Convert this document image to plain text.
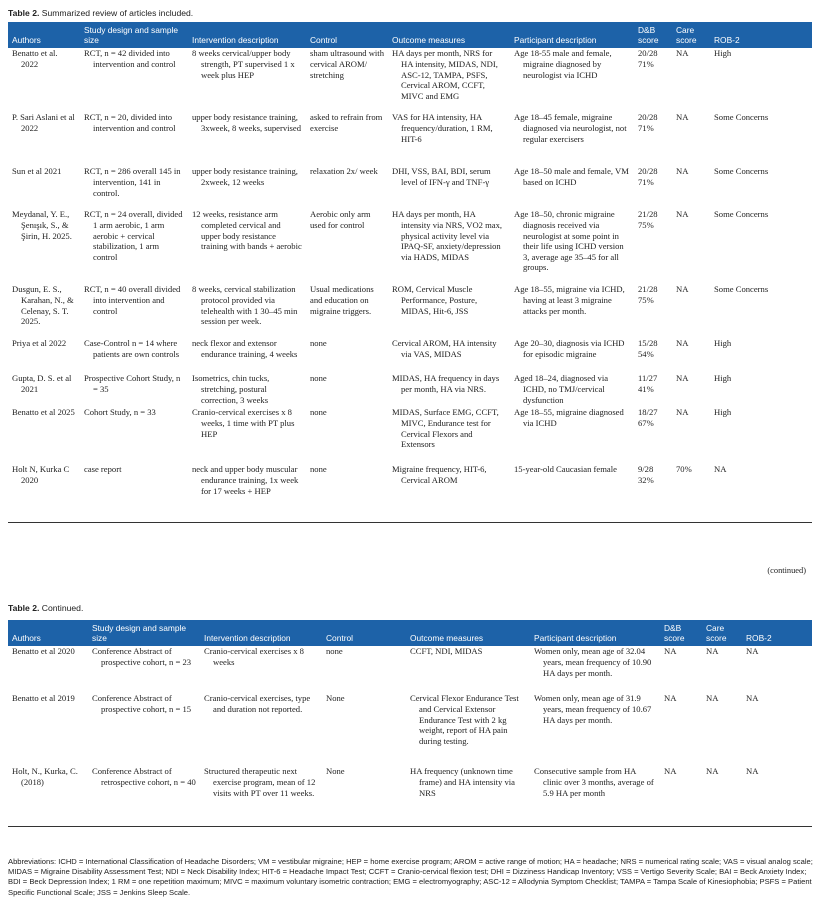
Table 2. Summarized review of articles included.
Authors	Study design and sample size	Intervention description	Control	Outcome measures	Participant description	D&B score	Care score	ROB-2

Benatto et al. 2022	RCT, n = 42 divided into intervention and control	8 weeks cervical/upper body strength, PT supervised 1 x week plus HEP	sham ultrasound with cervical AROM/ stretching	HA days per month, NRS for HA intensity, MIDAS, NDI, ASC-12, TAMPA, PSFS, Cervical AROM, CCFT, MIVC and EMG	Age 18-55 male and female, migraine diagnosed by neurologist via ICHD	20/28 71%	NA	High

P. Sari Aslani et al 2022	RCT, n = 20, divided into intervention and control	upper body resistance training, 3xweek, 8 weeks, supervised	asked to refrain from exercise	VAS for HA intensity, HA frequency/duration, 1 RM, HIT-6	Age 18–45 female, migraine diagnosed via neurologist, not regular exercisers	20/28 71%	NA	Some Concerns

Sun et al 2021	RCT, n = 286 overall 145 in intervention, 141 in control.	upper body resistance training, 2xweek, 12 weeks	relaxation 2x/ week	DHI, VSS, BAI, BDI, serum level of IFN-γ and TNF-γ	Age 18–50 male and female, VM based on ICHD	20/28 71%	NA	Some Concerns

Meydanal, Y. E., Şenışık, S., & Şirin, H. 2025.	RCT, n = 24 overall, divided 1 arm aerobic, 1 arm aerobic + cervical stabilization, 1 arm control	12 weeks, resistance arm completed cervical and upper body resistance training with bands + aerobic	Aerobic only arm used for control	HA days per month, HA intensity via NRS, VO2 max, physical activity level via IPAQ-SF, anxiety/depression via HADS, MIDAS	Age 18–50, chronic migraine diagnosis received via neurologist at some point in their life using ICHD version 3, average age 35–45 for all groups.	21/28 75%	NA	Some Concerns

Dusgun, E. S., Karahan, N., & Celenay, S. T. 2025.	RCT, n = 40 overall divided into intervention and control	8 weeks, cervical stabilization protocol provided via telehealth with 1 30–45 min session per week.	Usual medications and education on migraine triggers.	ROM, Cervical Muscle Performance, Posture, MIDAS, Hit-6, JSS	Age 18–55, migraine via ICHD, having at least 3 migraine attacks per month.	21/28 75%	NA	Some Concerns

Priya et al 2022	Case-Control n = 14 where patients are own controls	neck flexor and extensor endurance training, 4 weeks	none	Cervical AROM, HA intensity via VAS, MIDAS	Age 20–30, diagnosis via ICHD for episodic migraine	15/28 54%	NA	High

Gupta, D. S. et al 2021	Prospective Cohort Study, n = 35	Isometrics, chin tucks, stretching, postural correction, 3 weeks	none	MIDAS, HA frequency in days per month, HA via NRS.	Aged 18–24, diagnosed via ICHD, no TMJ/cervical dysfunction	11/27 41%	NA	High

Benatto et al 2025	Cohort Study, n = 33	Cranio-cervical exercises x 8 weeks, 1 time with PT plus HEP	none	MIDAS, Surface EMG, CCFT, MIVC, Endurance test for Cervical Flexors and Extensors	Age 18–55, migraine diagnosed via ICHD	18/27 67%	NA	High

Holt N, Kurka C 2020	case report	neck and upper body muscular endurance training, 1x week for 17 weeks + HEP	none	Migraine frequency, HIT-6, Cervical AROM	15-year-old Caucasian female	9/28 32%	70%	NA
(continued)
Table 2. Continued.
Authors	Study design and sample size	Intervention description	Control	Outcome measures	Participant description	D&B score	Care score	ROB-2

Benatto et al 2020	Conference Abstract of prospective cohort, n = 23	Cranio-cervical exercises x 8 weeks	none	CCFT, NDI, MIDAS	Women only, mean age of 32.04 years, mean frequency of 10.90 HA days per month.	NA	NA	NA

Benatto et al 2019	Conference Abstract of prospective cohort, n = 15	Cranio-cervical exercises, type and duration not reported.	None	Cervical Flexor Endurance Test and Cervical Extensor Endurance Test with 2 kg weight, report of HA pain during testing.	Women only, mean age of 31.9 years, mean frequency of 10.67 HA days per month.	NA	NA	NA

Holt, N., Kurka, C. (2018)	Conference Abstract of retrospective cohort, n = 40	Structured therapeutic next exercise program, mean of 12 visits with PT over 11 weeks.	None	HA frequency (unknown time frame) and HA intensity via NRS	Consecutive sample from HA clinic over 3 months, average of 5.9 HA per month	NA	NA	NA
Abbreviations: ICHD = International Classification of Headache Disorders; VM = vestibular migraine; HEP = home exercise program; AROM = active range of motion; HA = headache; NRS = numerical rating scale; VAS = visual analog scale; MIDAS = Migraine Disability Assessment Test; NDI = Neck Disability Index; HIT-6 = Headache Impact Test; CCFT = Cranio-cervical flexion test; DHI = Dizziness Handicap Inventory; VSS = Vertigo Severity Scale; BAI = Beck Anxiety Index; BDI = Beck Depression Index; 1 RM = one repetition maximum; MIVC = maximum voluntary isometric contraction; EMG = electromyography; ASC-12 = Allodynia Symptom Checklist; TAMPA = Tampa Scale of Kinesiophobia; PSFS = Patient Specific Functional Scale; JSS = Jenkins Sleep Scale.
